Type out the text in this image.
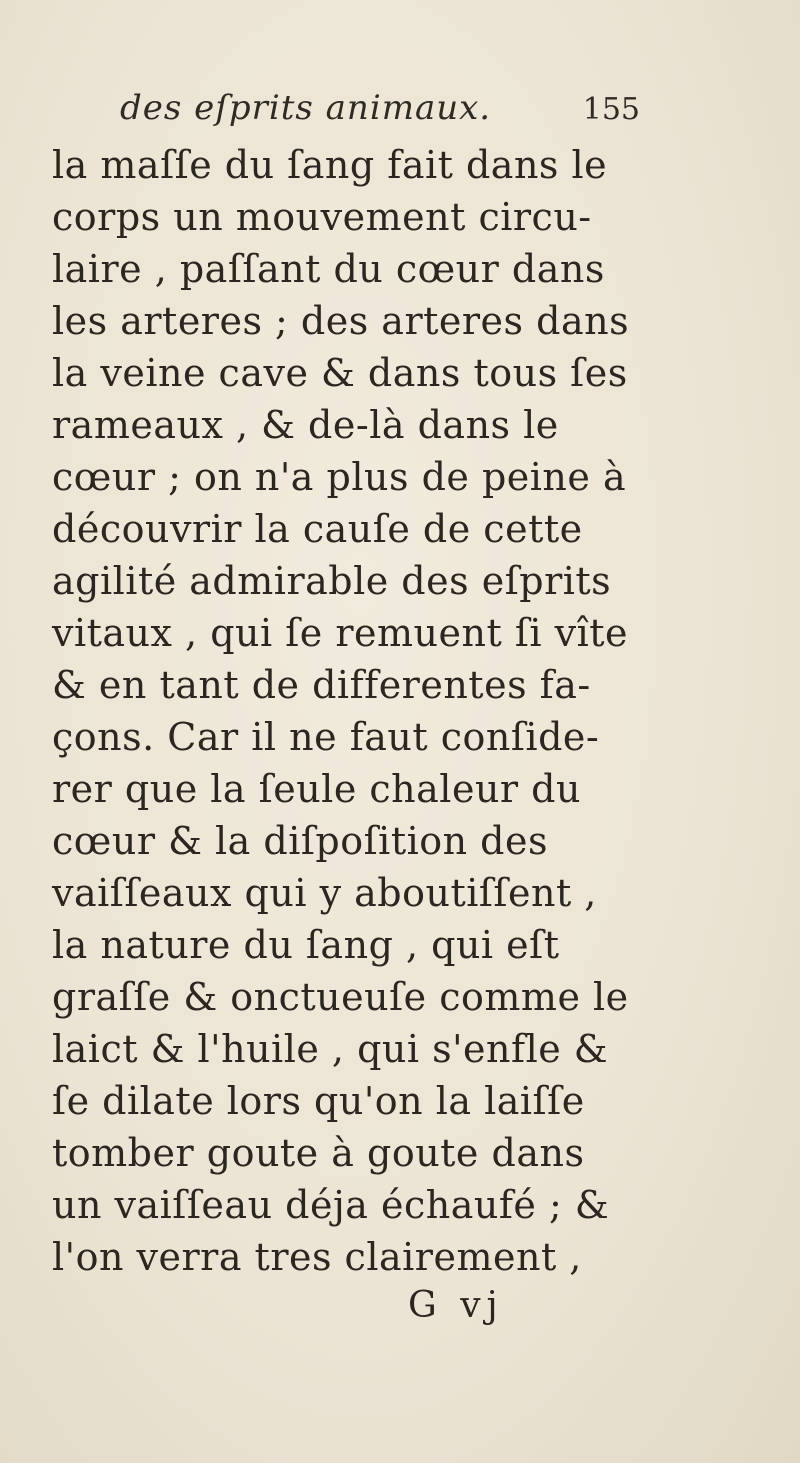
des eſprits animaux.	155
la maſſe du ſang fait dans le
corps un mouvement circu-
laire , paſſant du cœur dans
les arteres ; des arteres dans
la veine cave & dans tous ſes
rameaux , & de-là dans le
cœur ; on n'a plus de peine à
découvrir la cauſe de cette
agilité admirable des eſprits
vitaux , qui ſe remuent ſi vîte
& en tant de differentes fa-
çons. Car il ne faut conſide-
rer que la ſeule chaleur du
cœur & la diſpoſition des
vaiſſeaux qui y aboutiſſent ,
la nature du ſang , qui eſt
graſſe & onctueuſe comme le
laict & l'huile , qui s'enfle &
ſe dilate lors qu'on la laiſſe
tomber goute à goute dans
un vaiſſeau déja échaufé ; &
l'on verra tres clairement ,
G vj
